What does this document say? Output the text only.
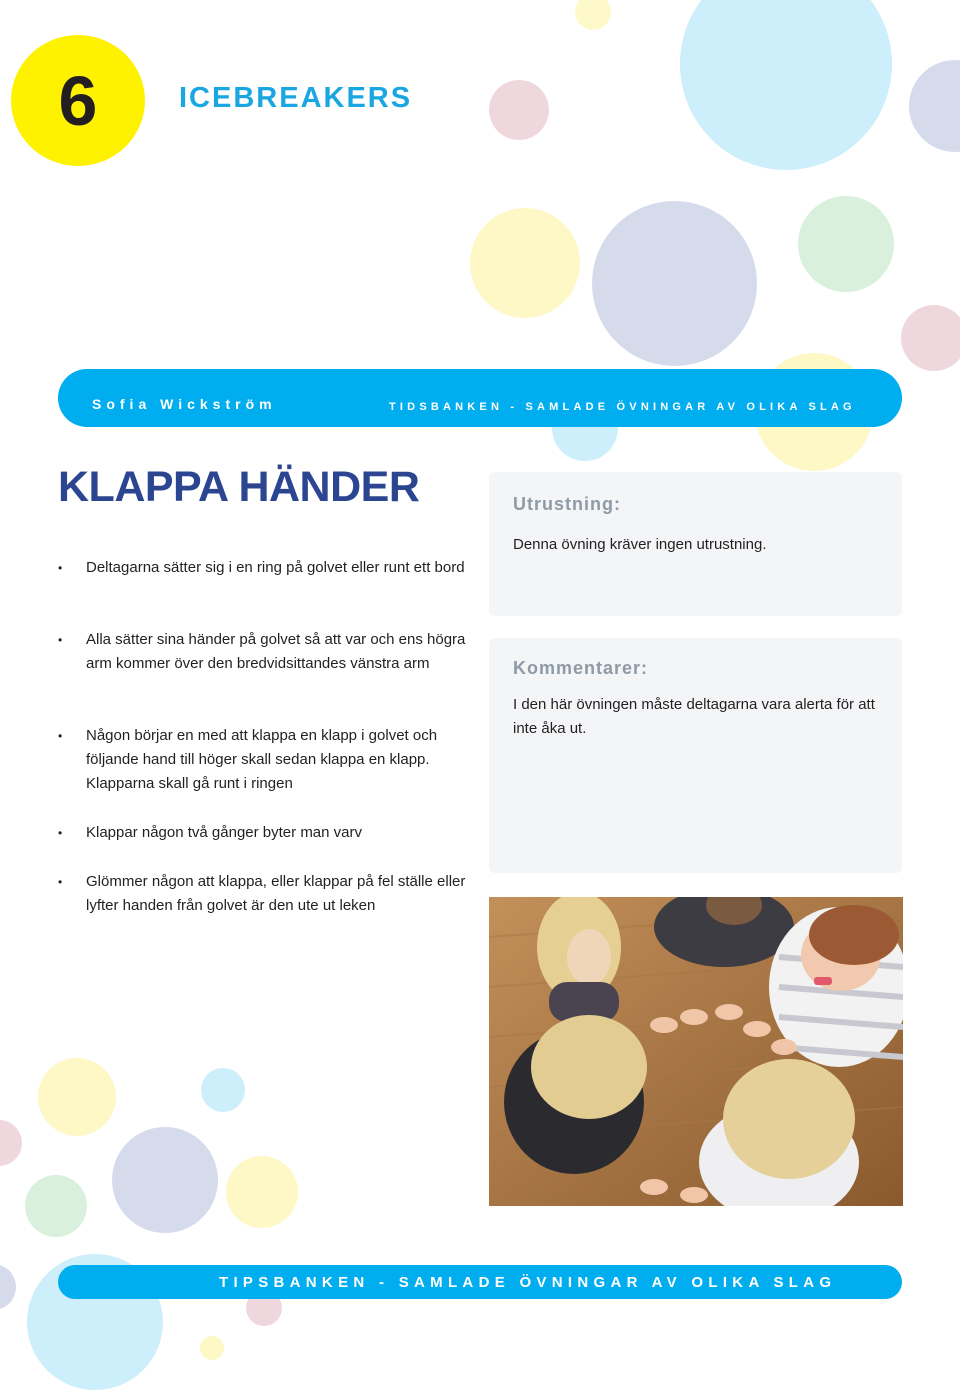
6	ICEBREAKERS
Sofia Wickström	TIDSBANKEN - SAMLADE ÖVNINGAR AV OLIKA SLAG
KLAPPA HÄNDER
•	Deltagarna sätter sig i en ring på golvet eller runt ett bord
•	Alla sätter sina händer på golvet så att var och ens högra arm kommer över den bredvidsittandes vänstra arm
•	Någon börjar en med att klappa en klapp i golvet och följande hand till höger skall sedan klappa en klapp. Klapparna skall gå runt i ringen
•	Klappar någon två gånger byter man varv
•	Glömmer någon att klappa, eller klappar på fel ställe eller lyfter handen från golvet är den ute ut leken
Utrustning:
Denna övning kräver ingen utrustning.
Kommentarer:
I den här övningen måste deltagarna vara alerta för att inte åka ut.
TIPSBANKEN - SAMLADE ÖVNINGAR AV OLIKA SLAG
